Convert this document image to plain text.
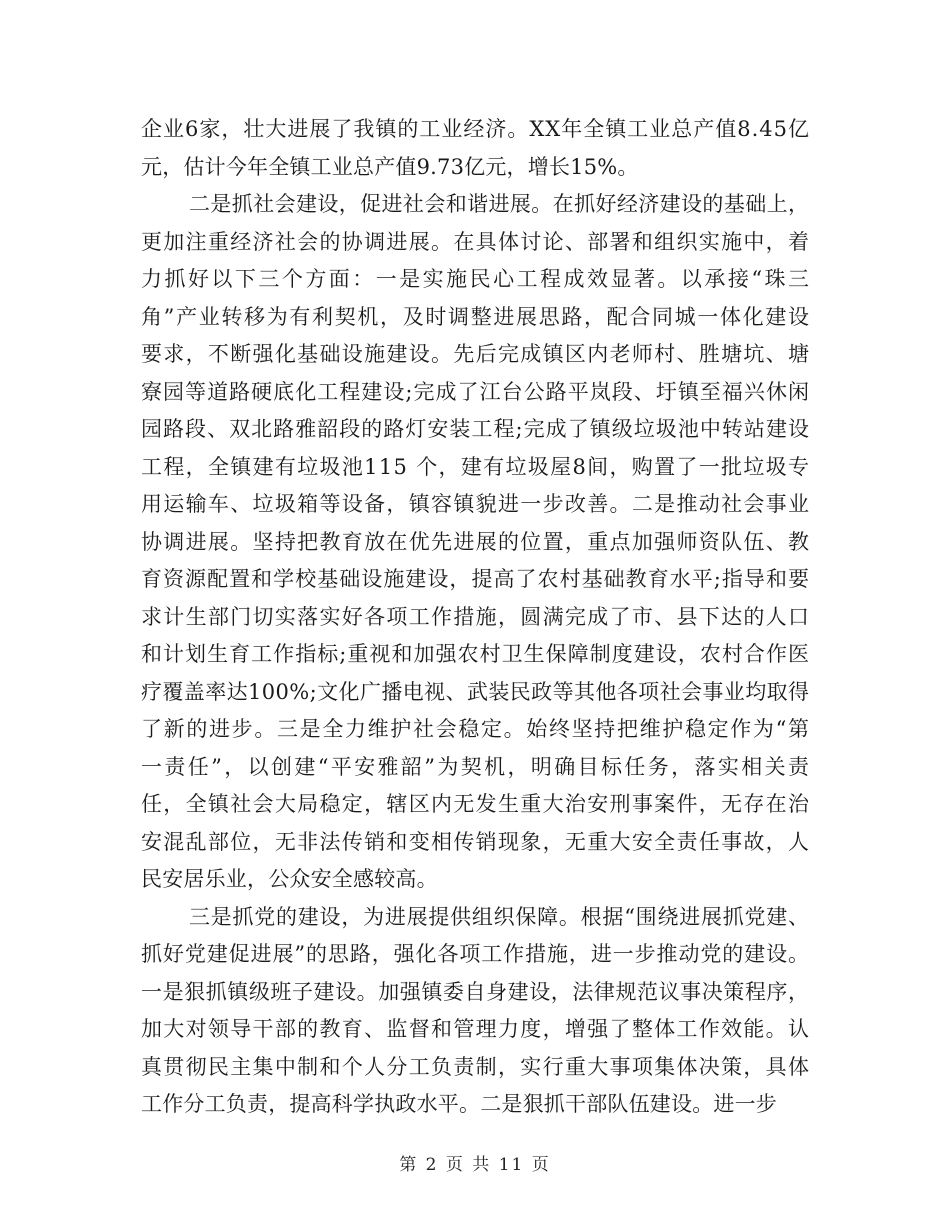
企业6家，壮大进展了我镇的工业经济。XX年全镇工业总产值8.45亿
元，估计今年全镇工业总产值9.73亿元，增长15%。
二是抓社会建设，促进社会和谐进展。在抓好经济建设的基础上，
更加注重经济社会的协调进展。在具体讨论、部署和组织实施中，着
力抓好以下三个方面：一是实施民心工程成效显著。以承接“珠三
角”产业转移为有利契机，及时调整进展思路，配合同城一体化建设
要求，不断强化基础设施建设。先后完成镇区内老师村、胜塘坑、塘
寮园等道路硬底化工程建设;完成了江台公路平岚段、圩镇至福兴休闲
园路段、双北路雅韶段的路灯安装工程;完成了镇级垃圾池中转站建设
工程，全镇建有垃圾池115 个，建有垃圾屋8间，购置了一批垃圾专
用运输车、垃圾箱等设备，镇容镇貌进一步改善。二是推动社会事业
协调进展。坚持把教育放在优先进展的位置，重点加强师资队伍、教
育资源配置和学校基础设施建设，提高了农村基础教育水平;指导和要
求计生部门切实落实好各项工作措施，圆满完成了市、县下达的人口
和计划生育工作指标;重视和加强农村卫生保障制度建设，农村合作医
疗覆盖率达100%;文化广播电视、武装民政等其他各项社会事业均取得
了新的进步。三是全力维护社会稳定。始终坚持把维护稳定作为“第
一责任”，以创建“平安雅韶”为契机，明确目标任务，落实相关责
任，全镇社会大局稳定，辖区内无发生重大治安刑事案件，无存在治
安混乱部位，无非法传销和变相传销现象，无重大安全责任事故，人
民安居乐业，公众安全感较高。
三是抓党的建设，为进展提供组织保障。根据“围绕进展抓党建、
抓好党建促进展”的思路，强化各项工作措施，进一步推动党的建设。
一是狠抓镇级班子建设。加强镇委自身建设，法律规范议事决策程序，
加大对领导干部的教育、监督和管理力度，增强了整体工作效能。认
真贯彻民主集中制和个人分工负责制，实行重大事项集体决策，具体
工作分工负责，提高科学执政水平。二是狠抓干部队伍建设。进一步
第 2 页 共 11 页
